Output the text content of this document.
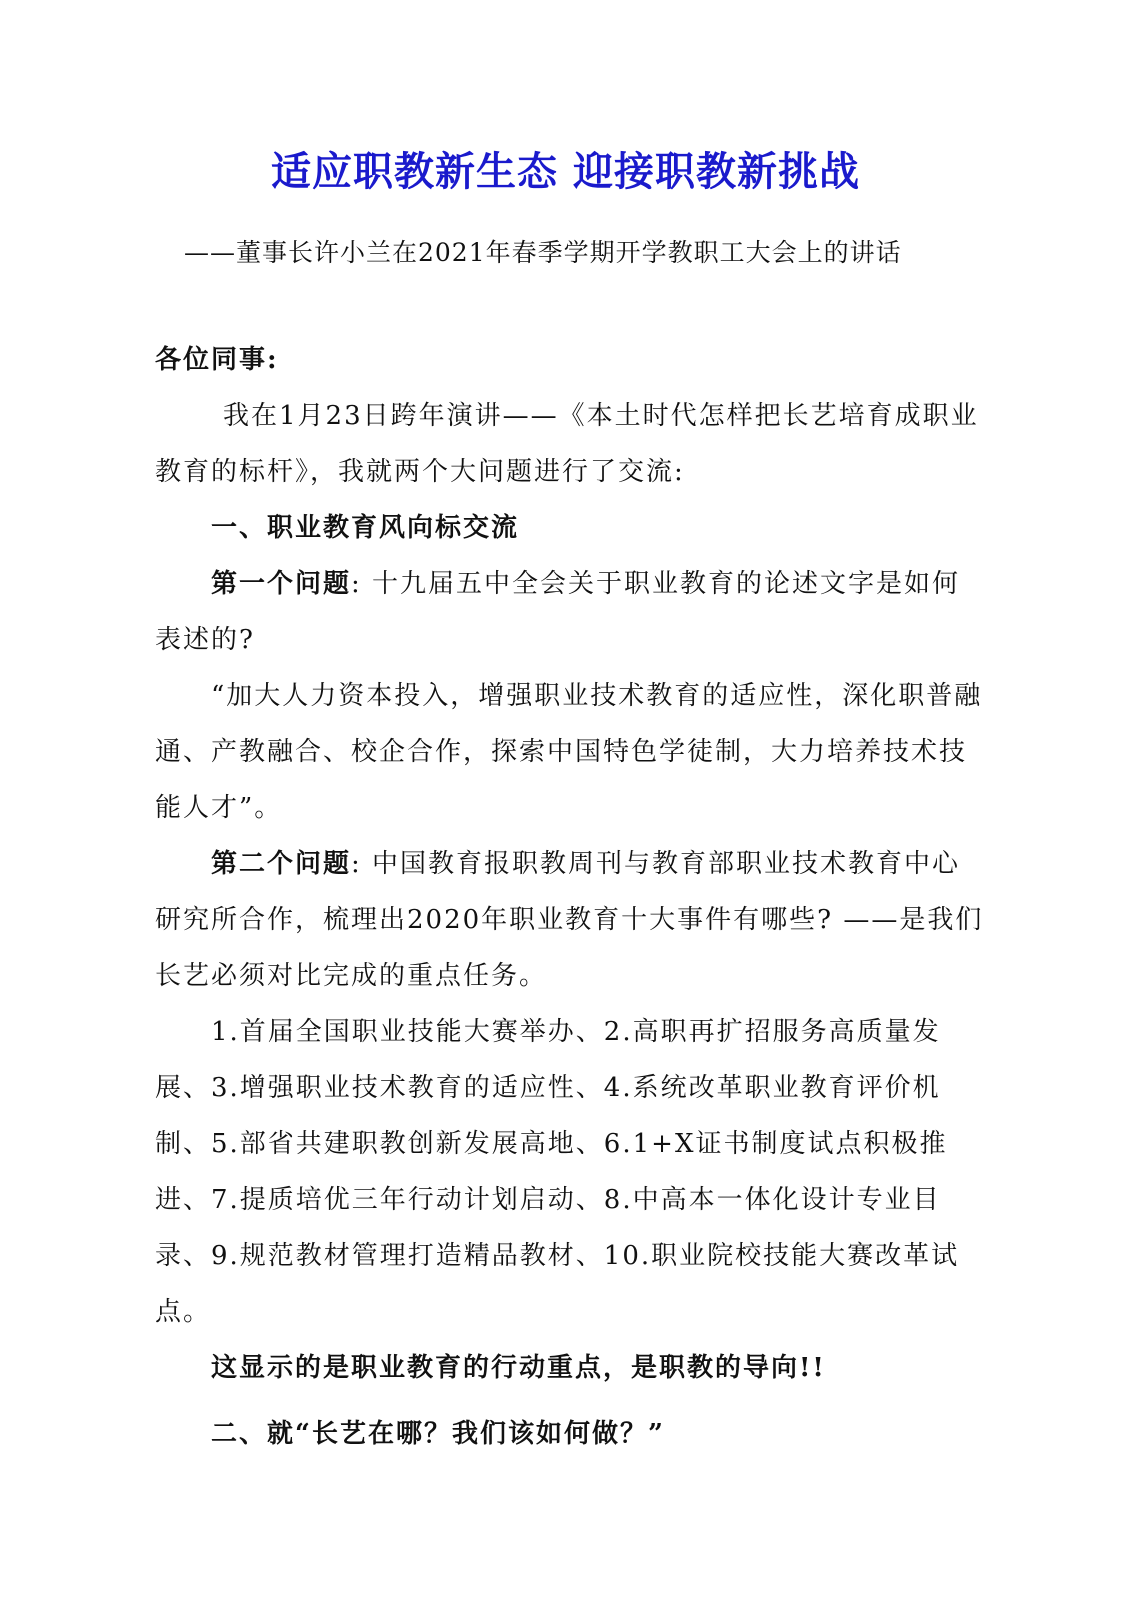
适应职教新生态 迎接职教新挑战
——董事长许小兰在2021年春季学期开学教职工大会上的讲话

各位同事:

我在1月23日跨年演讲——《本土时代怎样把长艺培育成职业教育的标杆》，我就两个大问题进行了交流:

一、职业教育风向标交流

第一个问题: 十九届五中全会关于职业教育的论述文字是如何表述的?

“加大人力资本投入，增强职业技术教育的适应性，深化职普融通、产教融合、校企合作，探索中国特色学徒制，大力培养技术技能人才”。

第二个问题: 中国教育报职教周刊与教育部职业技术教育中心研究所合作，梳理出2020年职业教育十大事件有哪些? ——是我们长艺必须对比完成的重点任务。

1.首届全国职业技能大赛举办、2.高职再扩招服务高质量发展、3.增强职业技术教育的适应性、4.系统改革职业教育评价机制、5.部省共建职教创新发展高地、6.1+X证书制度试点积极推进、7.提质培优三年行动计划启动、8.中高本一体化设计专业目录、9.规范教材管理打造精品教材、10.职业院校技能大赛改革试点。

这显示的是职业教育的行动重点，是职教的导向!!

二、就“长艺在哪？我们该如何做？”
